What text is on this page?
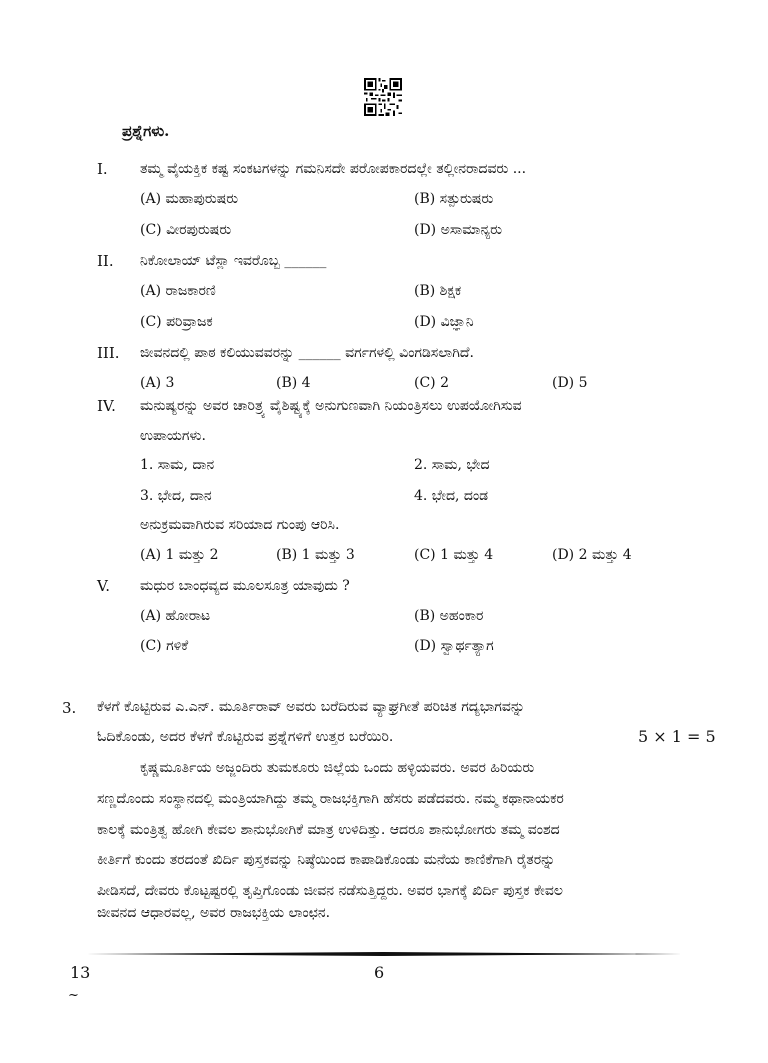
ಪ್ರಶ್ನೆಗಳು.
I. ತಮ್ಮ ವೈಯಕ್ತಿಕ ಕಷ್ಟ ಸಂಕಟಗಳನ್ನು ಗಮನಿಸದೇ ಪರೋಪಕಾರದಲ್ಲೇ ತಲ್ಲೀನರಾದವರು ...
(A) ಮಹಾಪುರುಷರು	(B) ಸತ್ಪುರುಷರು
(C) ವೀರಪುರುಷರು	(D) ಅಸಾಮಾನ್ಯರು
II. ನಿಕೋಲಾಯ್ ಟೆಸ್ಲಾ ಇವರೊಬ್ಬ ______
(A) ರಾಜಕಾರಣಿ	(B) ಶಿಕ್ಷಕ
(C) ಪರಿವ್ರಾಜಕ	(D) ವಿಜ್ಞಾನಿ
III. ಜೀವನದಲ್ಲಿ ಪಾಠ ಕಲಿಯುವವರನ್ನು ______ ವರ್ಗಗಳಲ್ಲಿ ವಿಂಗಡಿಸಲಾಗಿದೆ.
(A) 3	(B) 4	(C) 2	(D) 5
IV. ಮನುಷ್ಯರನ್ನು ಅವರ ಚಾರಿತ್ರ್ಯ ವೈಶಿಷ್ಟ್ಯಕ್ಕೆ ಅನುಗುಣವಾಗಿ ನಿಯಂತ್ರಿಸಲು ಉಪಯೋಗಿಸುವ
ಉಪಾಯಗಳು.
1. ಸಾಮ, ದಾನ	2. ಸಾಮ, ಭೇದ
3. ಭೇದ, ದಾನ	4. ಭೇದ, ದಂಡ
ಅನುಕ್ರಮವಾಗಿರುವ ಸರಿಯಾದ ಗುಂಪು ಆರಿಸಿ.
(A) 1 ಮತ್ತು 2	(B) 1 ಮತ್ತು 3	(C) 1 ಮತ್ತು 4	(D) 2 ಮತ್ತು 4
V. ಮಧುರ ಬಾಂಧವ್ಯದ ಮೂಲಸೂತ್ರ ಯಾವುದು ?
(A) ಹೋರಾಟ	(B) ಅಹಂಕಾರ
(C) ಗಳಿಕೆ	(D) ಸ್ವಾರ್ಥತ್ಯಾಗ
3. ಕೆಳಗೆ ಕೊಟ್ಟಿರುವ ಎ.ಎನ್. ಮೂರ್ತಿರಾವ್ ಅವರು ಬರೆದಿರುವ ವ್ಯಾಘ್ರಗೀತೆ ಪರಿಚಿತ ಗದ್ಯಭಾಗವನ್ನು
ಓದಿಕೊಂಡು, ಅದರ ಕೆಳಗೆ ಕೊಟ್ಟಿರುವ ಪ್ರಶ್ನೆಗಳಿಗೆ ಉತ್ತರ ಬರೆಯಿರಿ.	5 × 1 = 5
ಕೃಷ್ಣಮೂರ್ತಿಯ ಅಜ್ಜಂದಿರು ತುಮಕೂರು ಜಿಲ್ಲೆಯ ಒಂದು ಹಳ್ಳಿಯವರು. ಅವರ ಹಿರಿಯರು
ಸಣ್ಣದೊಂದು ಸಂಸ್ಥಾನದಲ್ಲಿ ಮಂತ್ರಿಯಾಗಿದ್ದು ತಮ್ಮ ರಾಜಭಕ್ತಿಗಾಗಿ ಹೆಸರು ಪಡೆದವರು. ನಮ್ಮ ಕಥಾನಾಯಕರ
ಕಾಲಕ್ಕೆ ಮಂತ್ರಿತ್ವ ಹೋಗಿ ಕೇವಲ ಶಾನುಭೋಗಿಕೆ ಮಾತ್ರ ಉಳಿದಿತ್ತು. ಆದರೂ ಶಾನುಭೋಗರು ತಮ್ಮ ವಂಶದ
ಕೀರ್ತಿಗೆ ಕುಂದು ತರದಂತೆ ಖಿರ್ದಿ ಪುಸ್ತಕವನ್ನು ನಿಷ್ಠೆಯಿಂದ ಕಾಪಾಡಿಕೊಂಡು ಮನೆಯ ಕಾಣಿಕೆಗಾಗಿ ರೈತರನ್ನು
ಪೀಡಿಸದೆ, ದೇವರು ಕೊಟ್ಟಷ್ಟರಲ್ಲಿ ತೃಪ್ತಿಗೊಂಡು ಜೀವನ ನಡೆಸುತ್ತಿದ್ದರು. ಅವರ ಭಾಗಕ್ಕೆ ಖಿರ್ದಿ ಪುಸ್ತಕ ಕೇವಲ
ಜೀವನದ ಆಧಾರವಲ್ಲ, ಅವರ ರಾಜಭಕ್ತಿಯ ಲಾಂಛನ.
13	6
~
